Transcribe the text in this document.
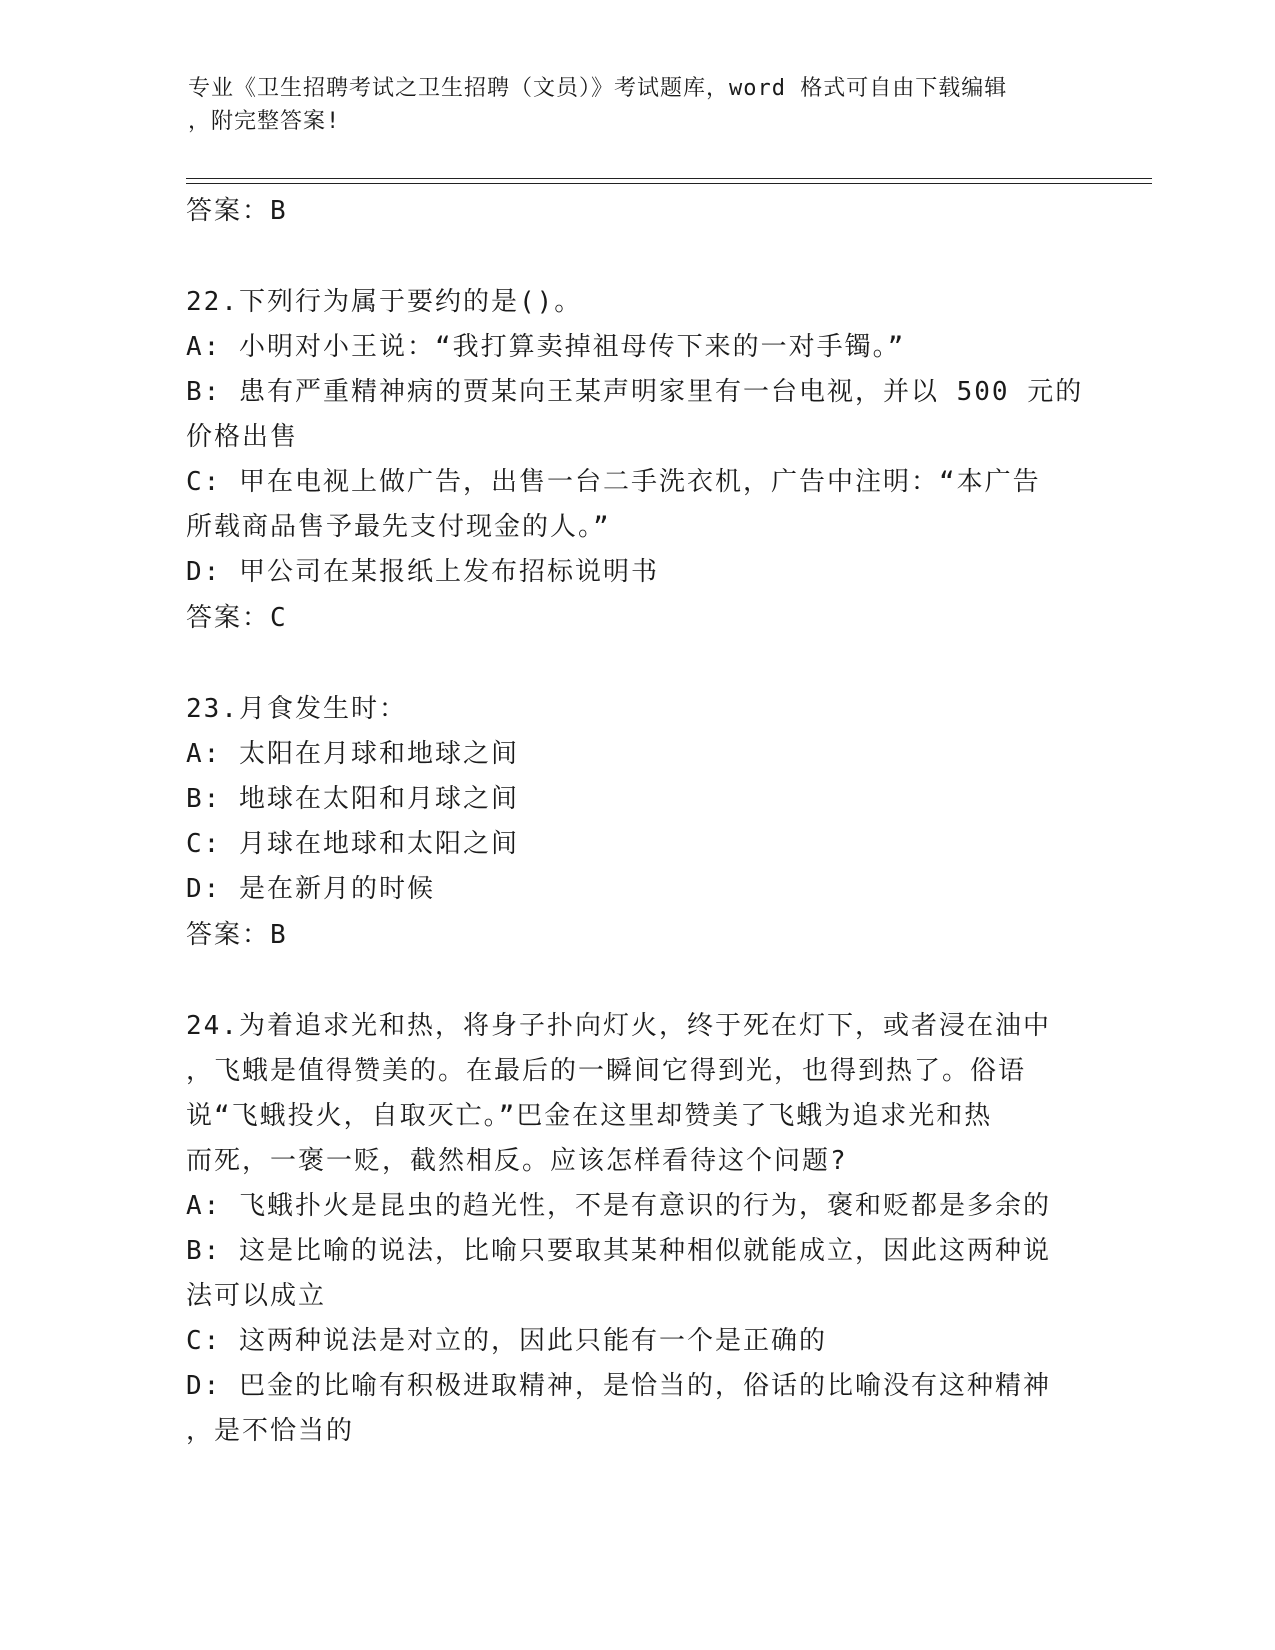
专业《卫生招聘考试之卫生招聘（文员）》考试题库，word 格式可自由下载编辑
，附完整答案!
答案：B
22.下列行为属于要约的是()。
A: 小明对小王说：“我打算卖掉祖母传下来的一对手镯。”
B: 患有严重精神病的贾某向王某声明家里有一台电视，并以 500 元的
价格出售
C: 甲在电视上做广告，出售一台二手洗衣机，广告中注明：“本广告
所载商品售予最先支付现金的人。”
D: 甲公司在某报纸上发布招标说明书
答案：C
23.月食发生时：
A: 太阳在月球和地球之间
B: 地球在太阳和月球之间
C: 月球在地球和太阳之间
D: 是在新月的时候
答案：B
24.为着追求光和热，将身子扑向灯火，终于死在灯下，或者浸在油中
，飞蛾是值得赞美的。在最后的一瞬间它得到光，也得到热了。俗语
说“飞蛾投火，自取灭亡。”巴金在这里却赞美了飞蛾为追求光和热
而死，一褒一贬，截然相反。应该怎样看待这个问题?
A: 飞蛾扑火是昆虫的趋光性，不是有意识的行为，褒和贬都是多余的
B: 这是比喻的说法，比喻只要取其某种相似就能成立，因此这两种说
法可以成立
C: 这两种说法是对立的，因此只能有一个是正确的
D: 巴金的比喻有积极进取精神，是恰当的，俗话的比喻没有这种精神
，是不恰当的
